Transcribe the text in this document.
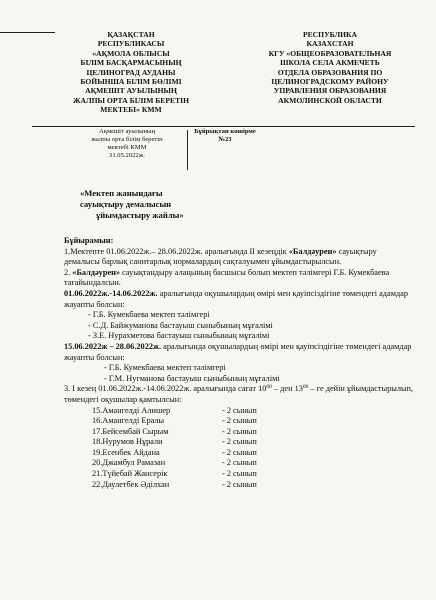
ҚАЗАҚСТАН
РЕСПУБЛИКАСЫ
«АҚМОЛА ОБЛЫСЫ
БІЛІМ БАСҚАРМАСЫНЫҢ
ЦЕЛИНОГРАД АУДАНЫ
БОЙЫНША БІЛІМ БӨЛІМІ
АҚМЕШІТ АУЫЛЫНЫҢ
ЖАЛПЫ ОРТА БІЛІМ БЕРЕТІН
МЕКТЕБІ» КММ
РЕСПУБЛИКА
КАЗАХСТАН
КГУ «ОБЩЕОБРАЗОВАТЕЛЬНАЯ
ШКОЛА СЕЛА АКМЕЧЕТЬ
ОТДЕЛА ОБРАЗОВАНИЯ ПО
ЦЕЛИНОГРАДСКОМУ РАЙОНУ
УПРАВЛЕНИЯ ОБРАЗОВАНИЯ
АКМОЛИНСКОЙ ОБЛАСТИ
Ақмешіт ауылының
жалпы орта білім беретін
мектебі КММ
31.05.2022ж.
Бұйрықтан көшірме
№23
«Мектеп жанындағы
сауықтыру демалысын
ұйымдастыру жайлы»

Бұйырамын:

1.Мектепте 01.06.2022ж.– 28.06.2022ж. аралығында ІІ кезеңдік «Балдәурен» сауықтыру демалысы барлық санитарлық нормалардың сақталуымен ұйымдастырылсын.

2. «Балдәурен» сауықтандыру алаңының басшысы болып мектеп тәлімгері Г.Б. Кумекбаева тағайындалсын.

01.06.2022ж.-14.06.2022ж. аралығында оқушылардың өмірі мен қауіпсіздігіне төмендегі адамдар жауапты болсын:

- Г.Б. Кумекбаева мектеп тәлімгері

- С.Д. Байжуманова бастауыш сыныбының мұғалімі

- З.Е. Нурахметова бастауыш сыныбының мұғалімі

15.06.2022ж – 28.06.2022ж. аралығында оқушылардың өмірі мен қауіпсіздігіне төмендегі адамдар жауапты болсын:

- Г.Б. Кумекбаева мектеп тәлімгері

- Г.М. Нугманова бастауыш сыныбының мұғалімі

3. І кезең 01.06.2022ж.-14.06.2022ж. аралығында сағат $10^{00}$ – ден $13^{00}$ – ге дейін ұйымдастырылып, төмендегі оқушылар қамтылсын:

15.Амангелді Алишер	- 2 сынып
16.Амангелді Ералы	- 2 сынып
17.Бейсембай Сырым	- 2 сынып
18.Нурумов Нұрали	- 2 сынып
19.Есенбек Айдана	- 2 сынып
20.Джамбул Рамазан	- 2 сынып
21.Түйебай Жансерік	- 2 сынып
22.Даулетбек Әділхан	- 2 сынып
